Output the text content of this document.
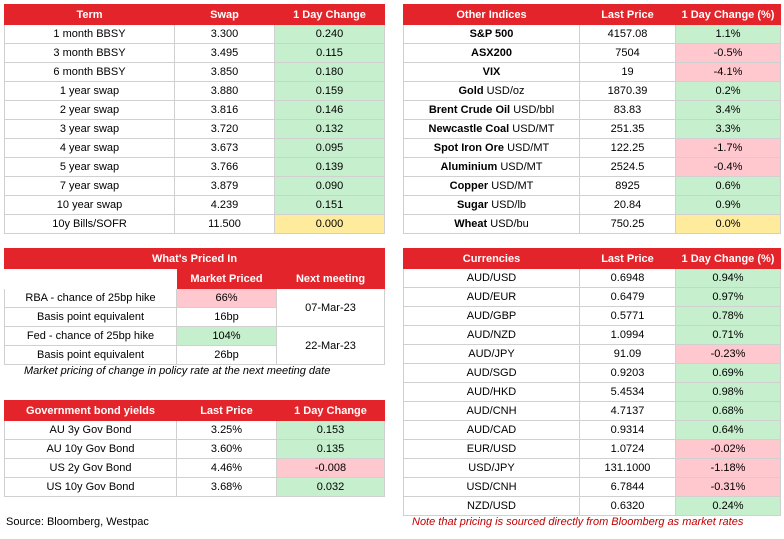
Term	Swap	1 Day Change
1 month BBSY	3.300	0.240
3 month BBSY	3.495	0.115
6 month BBSY	3.850	0.180
1 year swap	3.880	0.159
2 year swap	3.816	0.146
3 year swap	3.720	0.132
4 year swap	3.673	0.095
5 year swap	3.766	0.139
7 year swap	3.879	0.090
10 year swap	4.239	0.151
10y Bills/SOFR	11.500	0.000
Other Indices	Last Price	1 Day Change (%)
S&P 500	4157.08	1.1%
ASX200	7504	-0.5%
VIX	19	-4.1%
Gold USD/oz	1870.39	0.2%
Brent Crude Oil USD/bbl	83.83	3.4%
Newcastle Coal USD/MT	251.35	3.3%
Spot Iron Ore USD/MT	122.25	-1.7%
Aluminium USD/MT	2524.5	-0.4%
Copper USD/MT	8925	0.6%
Sugar USD/lb	20.84	0.9%
Wheat USD/bu	750.25	0.0%
What's Priced In		
	Market Priced	Next meeting
RBA - chance of 25bp hike	66%	07-Mar-23
Basis point equivalent	16bp	
Fed - chance of 25bp hike	104%	22-Mar-23
Basis point equivalent	26bp	
Market pricing of change in policy rate at the next meeting date
Government bond yields	Last Price	1 Day Change
AU 3y Gov Bond	3.25%	0.153
AU 10y Gov Bond	3.60%	0.135
US 2y Gov Bond	4.46%	-0.008
US 10y Gov Bond	3.68%	0.032
Currencies	Last Price	1 Day Change (%)
AUD/USD	0.6948	0.94%
AUD/EUR	0.6479	0.97%
AUD/GBP	0.5771	0.78%
AUD/NZD	1.0994	0.71%
AUD/JPY	91.09	-0.23%
AUD/SGD	0.9203	0.69%
AUD/HKD	5.4534	0.98%
AUD/CNH	4.7137	0.68%
AUD/CAD	0.9314	0.64%
EUR/USD	1.0724	-0.02%
USD/JPY	131.1000	-1.18%
USD/CNH	6.7844	-0.31%
NZD/USD	0.6320	0.24%
Source: Bloomberg, Westpac	Note that pricing is sourced directly from Bloomberg as market rates
